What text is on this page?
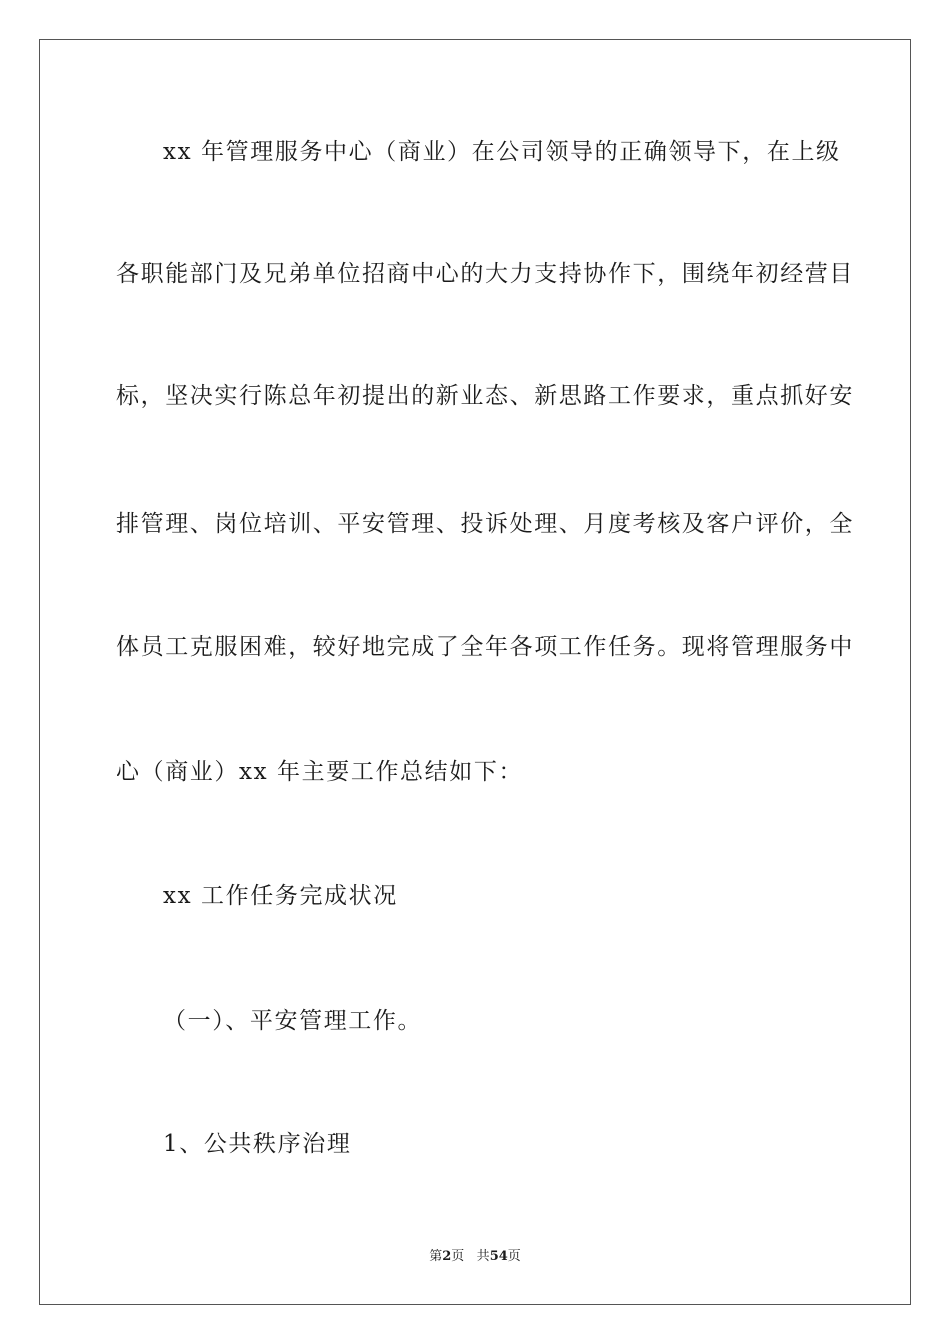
xx 年管理服务中心（商业）在公司领导的正确领导下，在上级
各职能部门及兄弟单位招商中心的大力支持协作下，围绕年初经营目
标，坚决实行陈总年初提出的新业态、新思路工作要求，重点抓好安
排管理、岗位培训、平安管理、投诉处理、月度考核及客户评价，全
体员工克服困难，较好地完成了全年各项工作任务。现将管理服务中
心（商业）xx 年主要工作总结如下：
xx 工作任务完成状况
（一）、平安管理工作。
1、公共秩序治理
第2页 共54页
